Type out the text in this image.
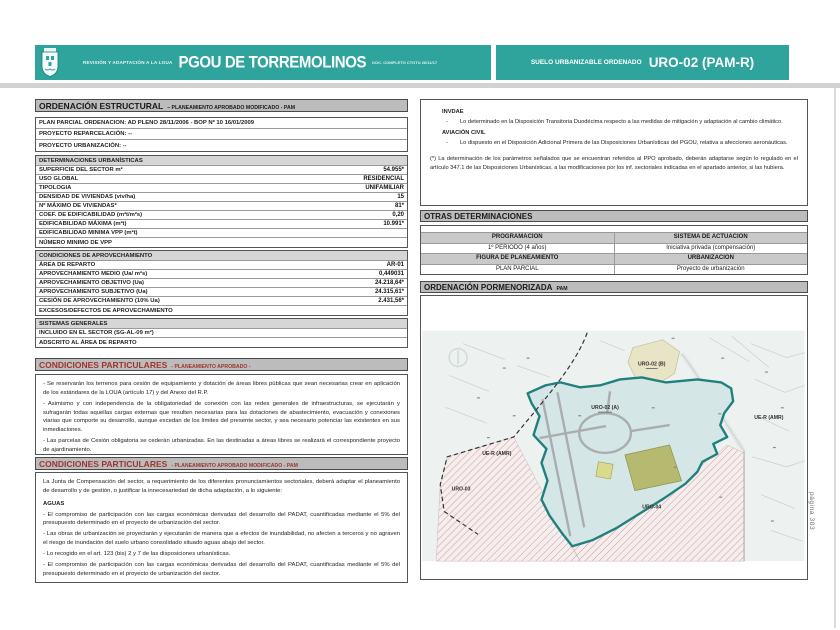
REVISIÓN Y ADAPTACIÓN A LA LOUA PGOU DE TORREMOLINOS DOC. COMPLETO CTOTU 26/11/17	SUELO URBANIZABLE ORDENADO URO-02 (PAM-R)
ORDENACIÓN ESTRUCTURAL – PLANEAMIENTO APROBADO MODIFICADO - PAM
PLAN PARCIAL ORDENACION: AD PLENO 28/11/2006 - BOP Nº 10 16/01/2009
PROYECTO REPARCELACIÓN: --
PROYECTO URBANIZACIÓN: --
DETERMINACIONES URBANÍSTICAS
SUPERFICIE DEL SECTOR m²	54.955*
USO GLOBAL	RESIDENCIAL
TIPOLOGIA	UNIFAMILIAR
DENSIDAD DE VIVIENDAS (viv/ha)	15
Nº MÁXIMO DE VIVIENDAS*	81*
COEF. DE EDIFICABILIDAD (m²t/m²s)	0,20
EDIFICABILIDAD MÁXIMA (m²t)	10.991*
EDIFICABILIDAD MINIMA VPP (m²t)
NÚMERO MINIMO DE VPP
CONDICIONES DE APROVECHAMIENTO
ÁREA DE REPARTO	AR-01
APROVECHAMIENTO MEDIO (Ua/ m²s)	0,449031
APROVECHAMIENTO OBJETIVO (Ua)	24.218,64*
APROVECHAMIENTO SUBJETIVO (Ua)	24.315,61*
CESIÓN DE APROVECHAMIENTO (10% Ua)	2.431,56*
EXCESOS/DEFECTOS DE APROVECHAMIENTO
SISTEMAS GENERALES
INCLUIDO EN EL SECTOR (SG-AL-09 m²)
ADSCRITO AL ÁREA DE REPARTO
CONDICIONES PARTICULARES - PLANEAMIENTO APROBADO -

- Se reservarán los terrenos para cesión de equipamiento y dotación de áreas libres públicas que sean necesarias crear en aplicación de los estándares de la LOUA (artículo 17) y del Anexo del R.P.

- Asimismo y con independencia de la obligatoriedad de conexión con las redes generales de infraestructuras, se ejecutarán y sufragarán todas aquellas cargas externas que resulten necesarias para las dotaciones de abastecimiento, evacuación y conexiones viarias que comporte su desarrollo, aunque excedan de los límites del presente sector, y sea necesario potenciar las existentes en sus inmediaciones.

- Las parcelas de Cesión obligatoria se cederán urbanizadas. En las destinadas a áreas libres se realizará el correspondiente proyecto de ajardinamiento.

CONDICIONES PARTICULARES - PLANEAMIENTO APROBADO MODIFICADO - PAM

La Junta de Compensación del sector, a requerimiento de los diferentes pronunciamientos sectoriales, deberá adaptar el planeamiento de desarrollo y de gestión, o justificar la innecesariedad de dicha adaptación, a lo siguiente:

AGUAS

- El compromiso de participación con las cargas económicas derivadas del desarrollo del PADAT, cuantificadas mediante el 5% del presupuesto determinado en el proyecto de urbanización del sector.

- Las obras de urbanización se proyectarán y ejecutarán de manera que a efectos de inundabilidad, no afecten a terceros y no agraven el riesgo de inundación del suelo urbano consolidado situado aguas abajo del sector.

- Lo recogido en el art. 123 (bis) 2 y 7 de las disposiciones urbanísticas.

- El compromiso de participación con las cargas económicas derivadas del desarrollo del PADAT, cuantificadas mediante el 5% del presupuesto determinado en el proyecto de urbanización del sector.

INVDAE
- Lo determinado en la Disposición Transitoria Duodécima respecto a las medidas de mitigación y adaptación al cambio climático.
AVIACIÓN CIVIL
- Lo dispuesto en el Disposición Adicional Primera de las Disposiciones Urbanísticas del PGOU, relativa a afecciones aeronáuticas.
(*) La determinación de los parámetros señalados que se encuentran referidos al PPO aprobado, deberán adaptarse según lo regulado en el artículo 347.1 de las Disposiciones Urbanísticas, a las modificaciones por los inf. sectoriales indicadas en el apartado anterior, si las hubiera.
OTRAS DETERMINACIONES
PROGRAMACIÓN	SISTEMA DE ACTUACIÓN
1º PERIODO (4 años)	Iniciativa privada (compensación)
FIGURA DE PLANEAMIENTO	URBANIZACIÓN
PLAN PARCIAL	Proyecto de urbanización
ORDENACIÓN PORMENORIZADA PAM
URO-02 (B)
URO-02 (A)
UE-R (AMR)
UE-R (AMR)
URO-04
URO-03
página 303
